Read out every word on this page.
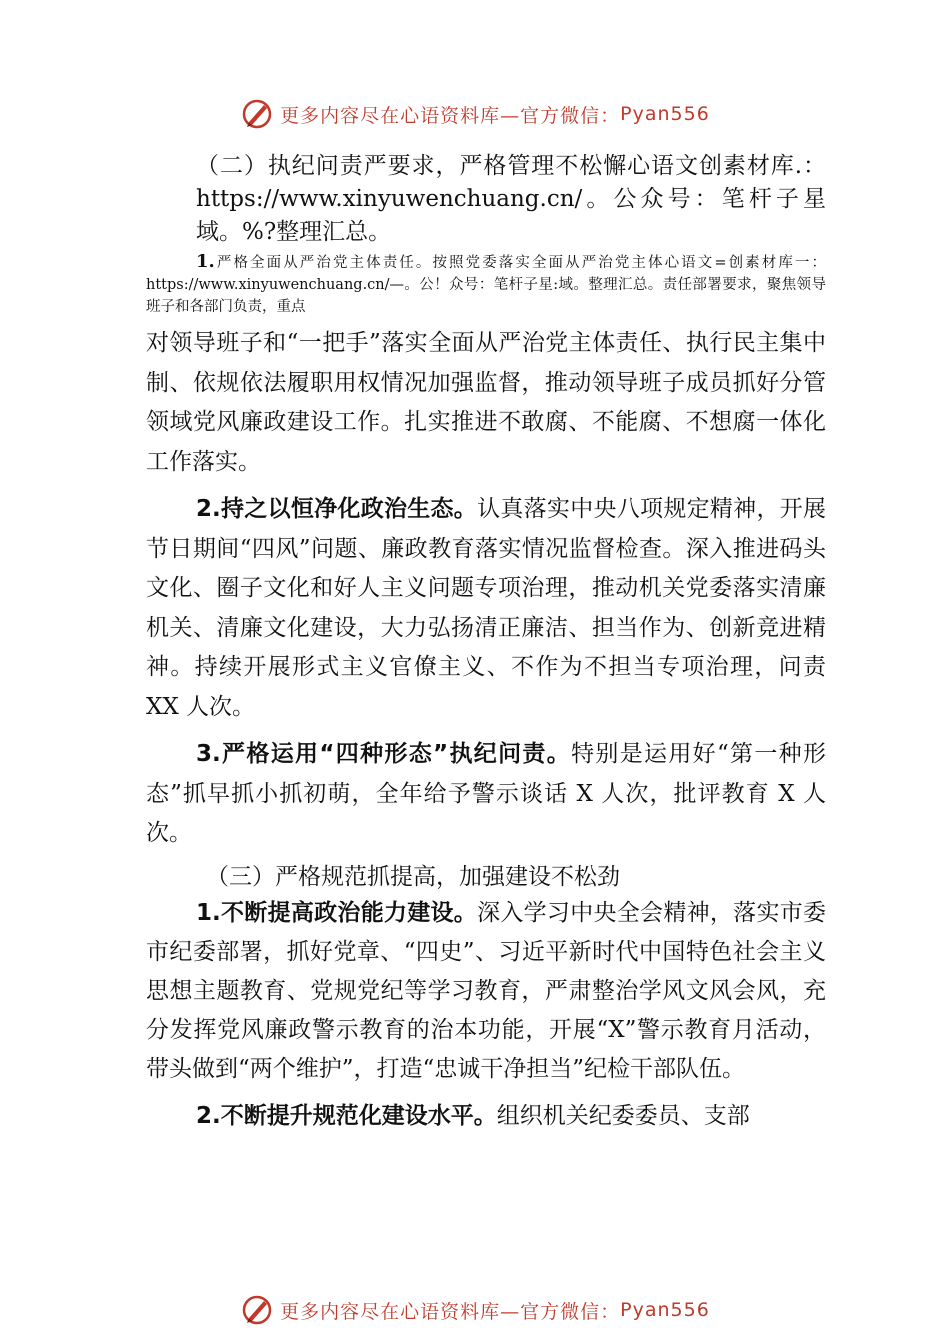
更多内容尽在心语资料库—官方微信： Pyan556

（二）执纪问责严要求，严格管理不松懈心语文创素材库.：https://www.xinyuwenchuang.cn/。公众号：笔杆子星域。%?整理汇总。

1.严格全面从严治党主体责任。按照党委落实全面从严治党主体心语文=创素材库一：https://www.xinyuwenchuang.cn/—。公！众号：笔杆子星:域。整理汇总。责任部署要求，聚焦领导班子和各部门负责，重点

对领导班子和“一把手”落实全面从严治党主体责任、执行民主集中制、依规依法履职用权情况加强监督，推动领导班子成员抓好分管领域党风廉政建设工作。扎实推进不敢腐、不能腐、不想腐一体化工作落实。

2.持之以恒净化政治生态。认真落实中央八项规定精神，开展节日期间“四风”问题、廉政教育落实情况监督检查。深入推进码头文化、圈子文化和好人主义问题专项治理，推动机关党委落实清廉机关、清廉文化建设，大力弘扬清正廉洁、担当作为、创新竞进精神。持续开展形式主义官僚主义、不作为不担当专项治理，问责 XX 人次。

3.严格运用“四种形态”执纪问责。特别是运用好“第一种形态”抓早抓小抓初萌，全年给予警示谈话 X 人次，批评教育 X 人次。

（三）严格规范抓提高，加强建设不松劲

1.不断提高政治能力建设。深入学习中央全会精神，落实市委市纪委部署，抓好党章、“四史”、习近平新时代中国特色社会主义思想主题教育、党规党纪等学习教育，严肃整治学风文风会风，充分发挥党风廉政警示教育的治本功能，开展“X”警示教育月活动，带头做到“两个维护”，打造“忠诚干净担当”纪检干部队伍。

2.不断提升规范化建设水平。组织机关纪委委员、支部

更多内容尽在心语资料库—官方微信： Pyan556
